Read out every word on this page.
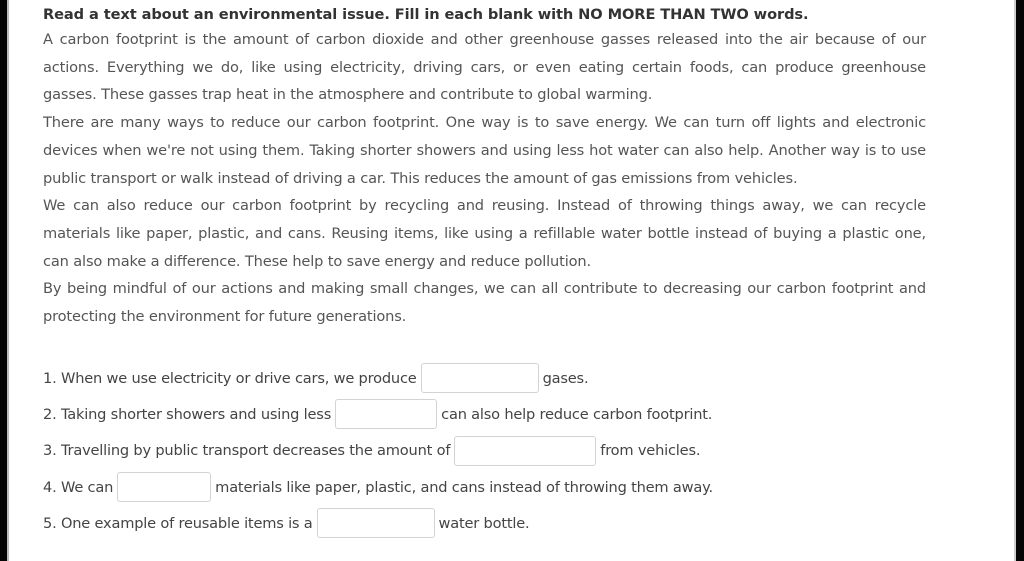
Read a text about an environmental issue. Fill in each blank with NO MORE THAN TWO words.

A carbon footprint is the amount of carbon dioxide and other greenhouse gasses released into the air because of our actions. Everything we do, like using electricity, driving cars, or even eating certain foods, can produce greenhouse gasses. These gasses trap heat in the atmosphere and contribute to global warming.

There are many ways to reduce our carbon footprint. One way is to save energy. We can turn off lights and electronic devices when we're not using them. Taking shorter showers and using less hot water can also help. Another way is to use public transport or walk instead of driving a car. This reduces the amount of gas emissions from vehicles.

We can also reduce our carbon footprint by recycling and reusing. Instead of throwing things away, we can recycle materials like paper, plastic, and cans. Reusing items, like using a refillable water bottle instead of buying a plastic one, can also make a difference. These help to save energy and reduce pollution.

By being mindful of our actions and making small changes, we can all contribute to decreasing our carbon footprint and protecting the environment for future generations.

1. When we use electricity or drive cars, we produce	gases.
2. Taking shorter showers and using less	can also help reduce carbon footprint.
3. Travelling by public transport decreases the amount of	from vehicles.
4. We can	materials like paper, plastic, and cans instead of throwing them away.
5. One example of reusable items is a	water bottle.
